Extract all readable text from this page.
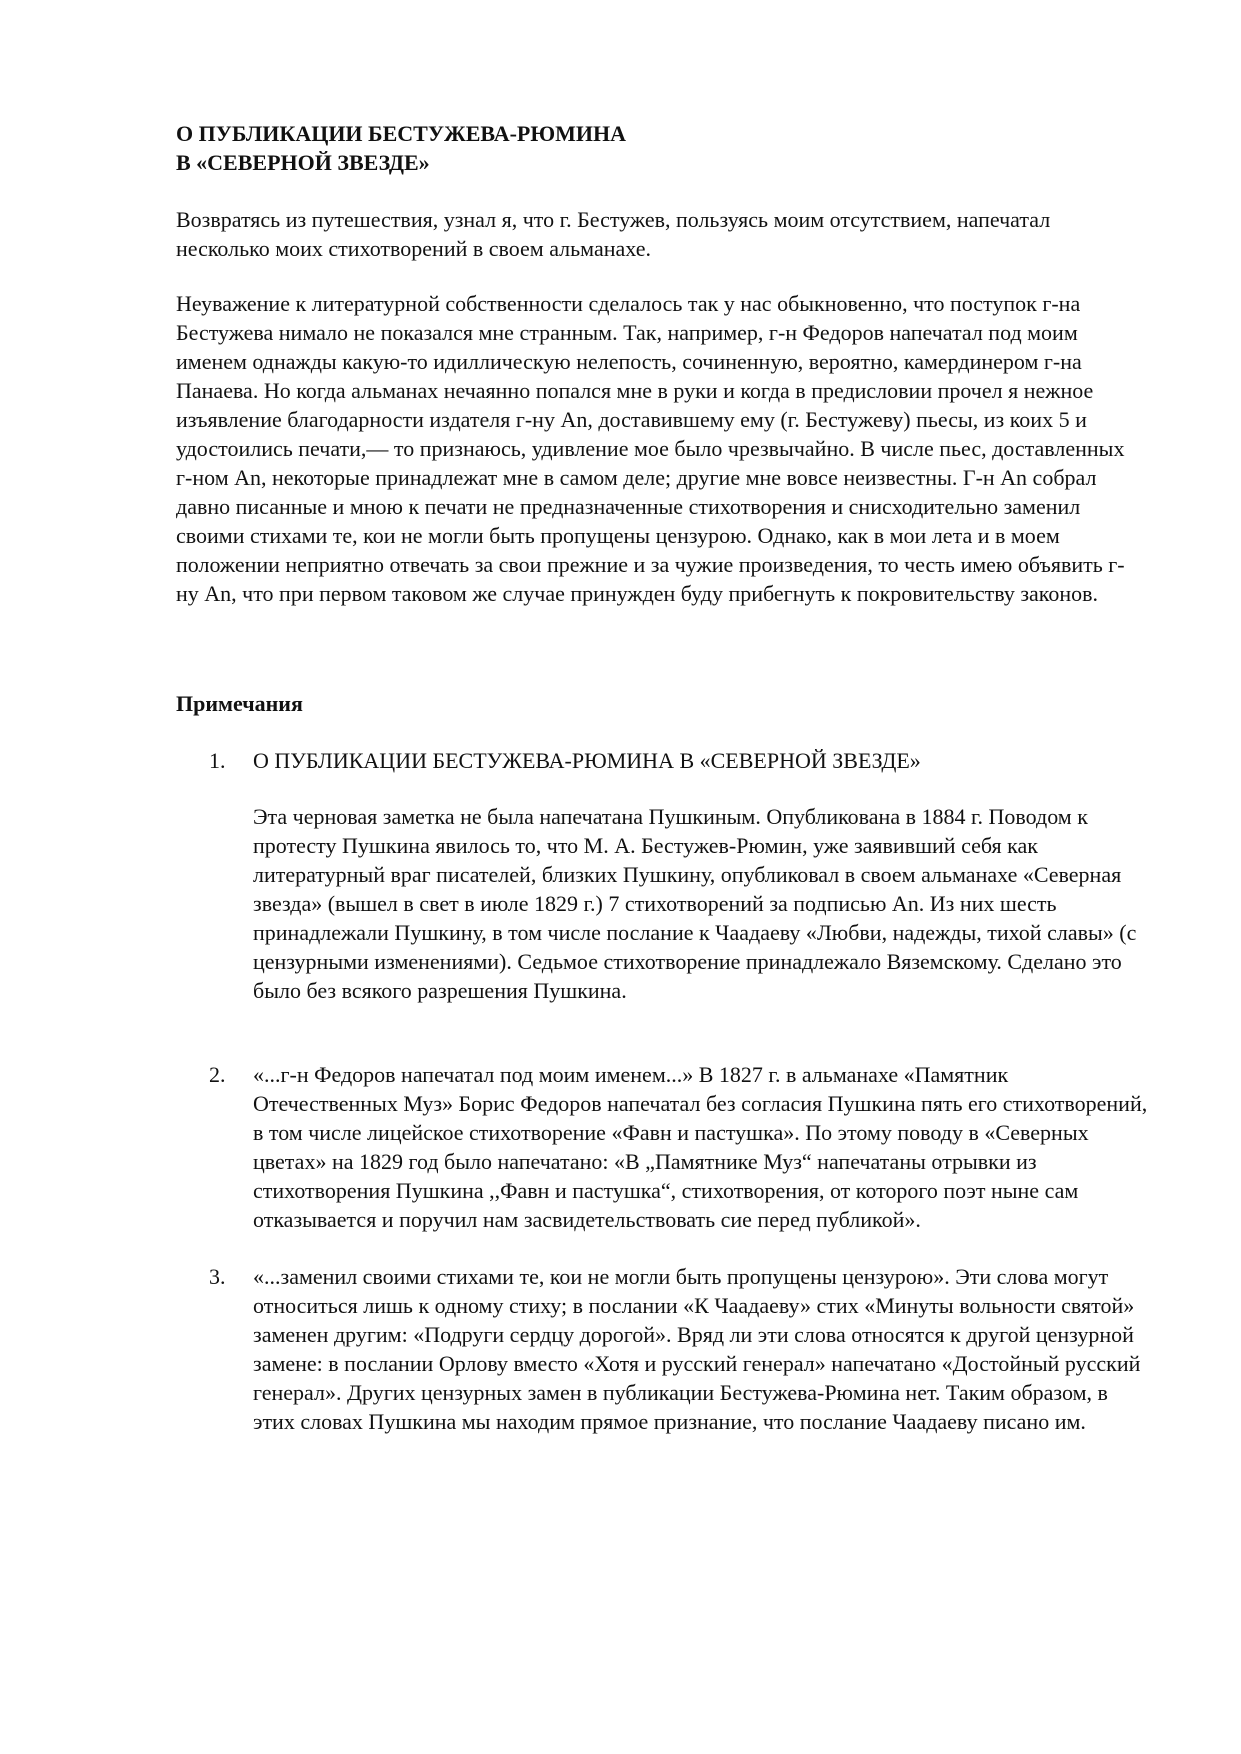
О ПУБЛИКАЦИИ БЕСТУЖЕВА-РЮМИНА
В «СЕВЕРНОЙ ЗВЕЗДЕ»

Возвратясь из путешествия, узнал я, что г. Бестужев, пользуясь моим отсутствием, напечатал несколько моих стихотворений в своем альманахе.

Неуважение к литературной собственности сделалось так у нас обыкновенно, что поступок г-на Бестужева нимало не показался мне странным. Так, например, г-н Федоров напечатал под моим именем однажды какую-то идиллическую нелепость, сочиненную, вероятно, камердинером г-на Панаева. Но когда альманах нечаянно попался мне в руки и когда в предисловии прочел я нежное изъявление благодарности издателя г-ну An, доставившему ему (г. Бестужеву) пьесы, из коих 5 и удостоились печати,— то признаюсь, удивление мое было чрезвычайно. В числе пьес, доставленных г-ном An, некоторые принадлежат мне в самом деле; другие мне вовсе неизвестны. Г-н An собрал давно писанные и мною к печати не предназначенные стихотворения и снисходительно заменил своими стихами те, кои не могли быть пропущены цензурою. Однако, как в мои лета и в моем положении неприятно отвечать за свои прежние и за чужие произведения, то честь имею объявить г-ну An, что при первом таковом же случае принужден буду прибегнуть к покровительству законов.

Примечания
1.	О ПУБЛИКАЦИИ БЕСТУЖЕВА-РЮМИНА В «СЕВЕРНОЙ ЗВЕЗДЕ»

Эта черновая заметка не была напечатана Пушкиным. Опубликована в 1884 г. Поводом к протесту Пушкина явилось то, что М. А. Бестужев-Рюмин, уже заявивший себя как литературный враг писателей, близких Пушкину, опубликовал в своем альманахе «Северная звезда» (вышел в свет в июле 1829 г.) 7 стихотворений за подписью An. Из них шесть принадлежали Пушкину, в том числе послание к Чаадаеву «Любви, надежды, тихой славы» (с цензурными изменениями). Седьмое стихотворение принадлежало Вяземскому. Сделано это было без всякого разрешения Пушкина.

2.	«...г-н Федоров напечатал под моим именем...» В 1827 г. в альманахе «Памятник Отечественных Муз» Борис Федоров напечатал без согласия Пушкина пять его стихотворений, в том числе лицейское стихотворение «Фавн и пастушка». По этому поводу в «Северных цветах» на 1829 год было напечатано: «В „Памятнике Муз“ напечатаны отрывки из стихотворения Пушкина ,,Фавн и пастушка“, стихотворения, от которого поэт ныне сам отказывается и поручил нам засвидетельствовать сие перед публикой».

3.	«...заменил своими стихами те, кои не могли быть пропущены цензурою». Эти слова могут относиться лишь к одному стиху; в послании «К Чаадаеву» стих «Минуты вольности святой» заменен другим: «Подруги сердцу дорогой». Вряд ли эти слова относятся к другой цензурной замене: в послании Орлову вместо «Хотя и русский генерал» напечатано «Достойный русский генерал». Других цензурных замен в публикации Бестужева-Рюмина нет. Таким образом, в этих словах Пушкина мы находим прямое признание, что послание Чаадаеву писано им.
